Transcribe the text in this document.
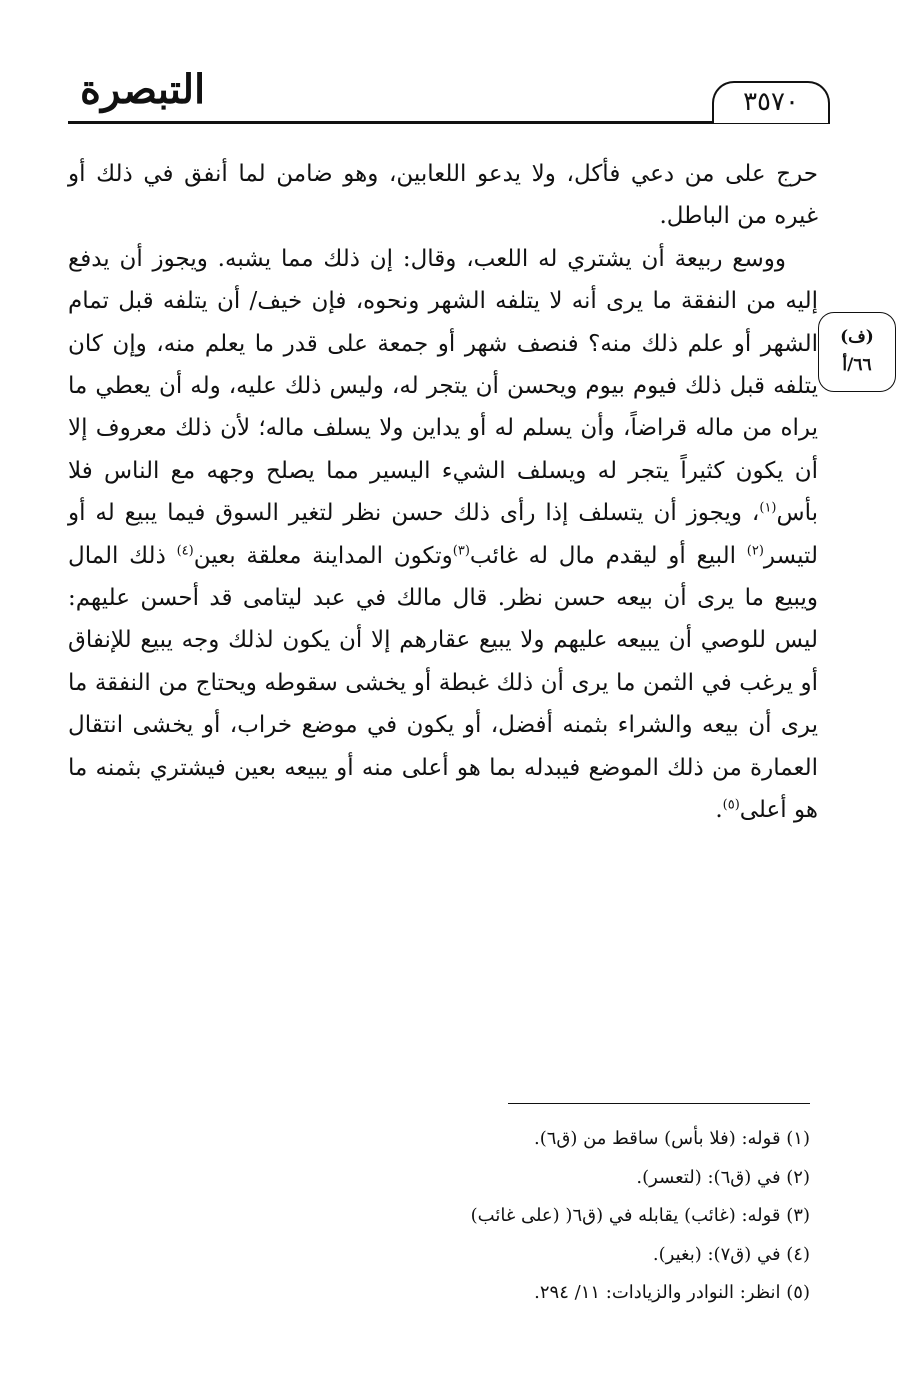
التبصرة	٣٥٧٠
(ف)
٦٦/أ

حرج على من دعي فأكل، ولا يدعو اللعابين، وهو ضامن لما أنفق في ذلك أو غيره من الباطل.

ووسع ربيعة أن يشتري له اللعب، وقال: إن ذلك مما يشبه. ويجوز أن يدفع إليه من النفقة ما يرى أنه لا يتلفه الشهر ونحوه، فإن خيف/ أن يتلفه قبل تمام الشهر أو علم ذلك منه؟ فنصف شهر أو جمعة على قدر ما يعلم منه، وإن كان يتلفه قبل ذلك فيوم بيوم ويحسن أن يتجر له، وليس ذلك عليه، وله أن يعطي ما يراه من ماله قراضاً، وأن يسلم له أو يداين ولا يسلف ماله؛ لأن ذلك معروف إلا أن يكون كثيراً يتجر له ويسلف الشيء اليسير مما يصلح وجهه مع الناس فلا بأس$^{(١)}$، ويجوز أن يتسلف إذا رأى ذلك حسن نظر لتغير السوق فيما يبيع له أو لتيسر$^{(٢)}$ البيع أو ليقدم مال له غائب$^{(٣)}$وتكون المداينة معلقة بعين$^{(٤)}$ ذلك المال ويبيع ما يرى أن بيعه حسن نظر. قال مالك في عبد ليتامى قد أحسن عليهم: ليس للوصي أن يبيعه عليهم ولا يبيع عقارهم إلا أن يكون لذلك وجه يبيع للإنفاق أو يرغب في الثمن ما يرى أن ذلك غبطة أو يخشى سقوطه ويحتاج من النفقة ما يرى أن بيعه والشراء بثمنه أفضل، أو يكون في موضع خراب، أو يخشى انتقال العمارة من ذلك الموضع فيبدله بما هو أعلى منه أو يبيعه بعين فيشتري بثمنه ما هو أعلى$^{(٥)}$.

(١) قوله: (فلا بأس) ساقط من (ق٦).

(٢) في (ق٦): (لتعسر).

(٣) قوله: (غائب) يقابله في (ق٦( (على غائب)

(٤) في (ق٧): (بغير).

(٥) انظر: النوادر والزيادات: ١١/ ٢٩٤.
